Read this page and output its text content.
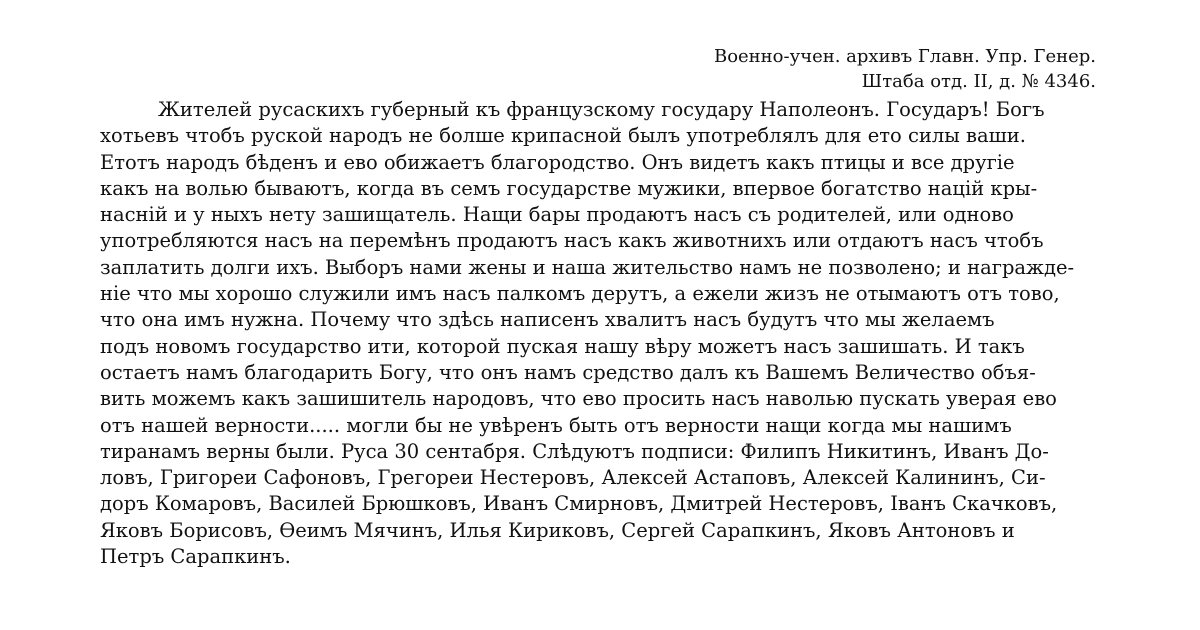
Военно-учен. архивъ Главн. Упр. Генер.
Штаба отд. II, д. № 4346.
Жителей русаскихъ губерный къ французскому государу Наполеонъ. Государъ! Богъ
хотьевъ чтобъ руской народъ не болше крипасной былъ употреблялъ для ето силы ваши.
Етотъ народъ бѣденъ и ево обижаетъ благородство. Онъ видетъ какъ птицы и все другіе
какъ на волью бываютъ, когда въ семъ государстве мужики, впервое богатство націй кры-
насній и у ныхъ нету зашищатель. Нащи бары продаютъ насъ съ родителей, или одново
употребляются насъ на перемѣнъ продаютъ насъ какъ животнихъ или отдаютъ насъ чтобъ
заплатить долги ихъ. Выборъ нами жены и наша жительство намъ не позволено; и награжде-
ніе что мы хорошо служили имъ насъ палкомъ дерутъ, а ежели жизъ не отымаютъ отъ тово,
что она имъ нужна. Почему что здѣсь написенъ хвалитъ насъ будутъ что мы желаемъ
подъ новомъ государство ити, которой пуская нашу вѣру можетъ насъ зашишать. И такъ
остаетъ намъ благодарить Богу, что онъ намъ средство далъ къ Вашемъ Величество объя-
вить можемъ какъ зашишитель народовъ, что ево просить насъ наволью пускать уверая ево
отъ нашей верности..... могли бы не увѣренъ быть отъ верности нащи когда мы нашимъ
тиранамъ верны были. Руса 30 сентабря. Слѣдуютъ подписи: Филипъ Никитинъ, Иванъ До-
ловъ, Григореи Сафоновъ, Грегореи Нестеровъ, Алексей Астаповъ, Алексей Калининъ, Си-
доръ Комаровъ, Василей Брюшковъ, Иванъ Смирновъ, Дмитрей Нестеровъ, Іванъ Скачковъ,
Яковъ Борисовъ, Ѳеимъ Мячинъ, Илья Кириковъ, Сергей Сарапкинъ, Яковъ Антоновъ и
Петръ Сарапкинъ.
